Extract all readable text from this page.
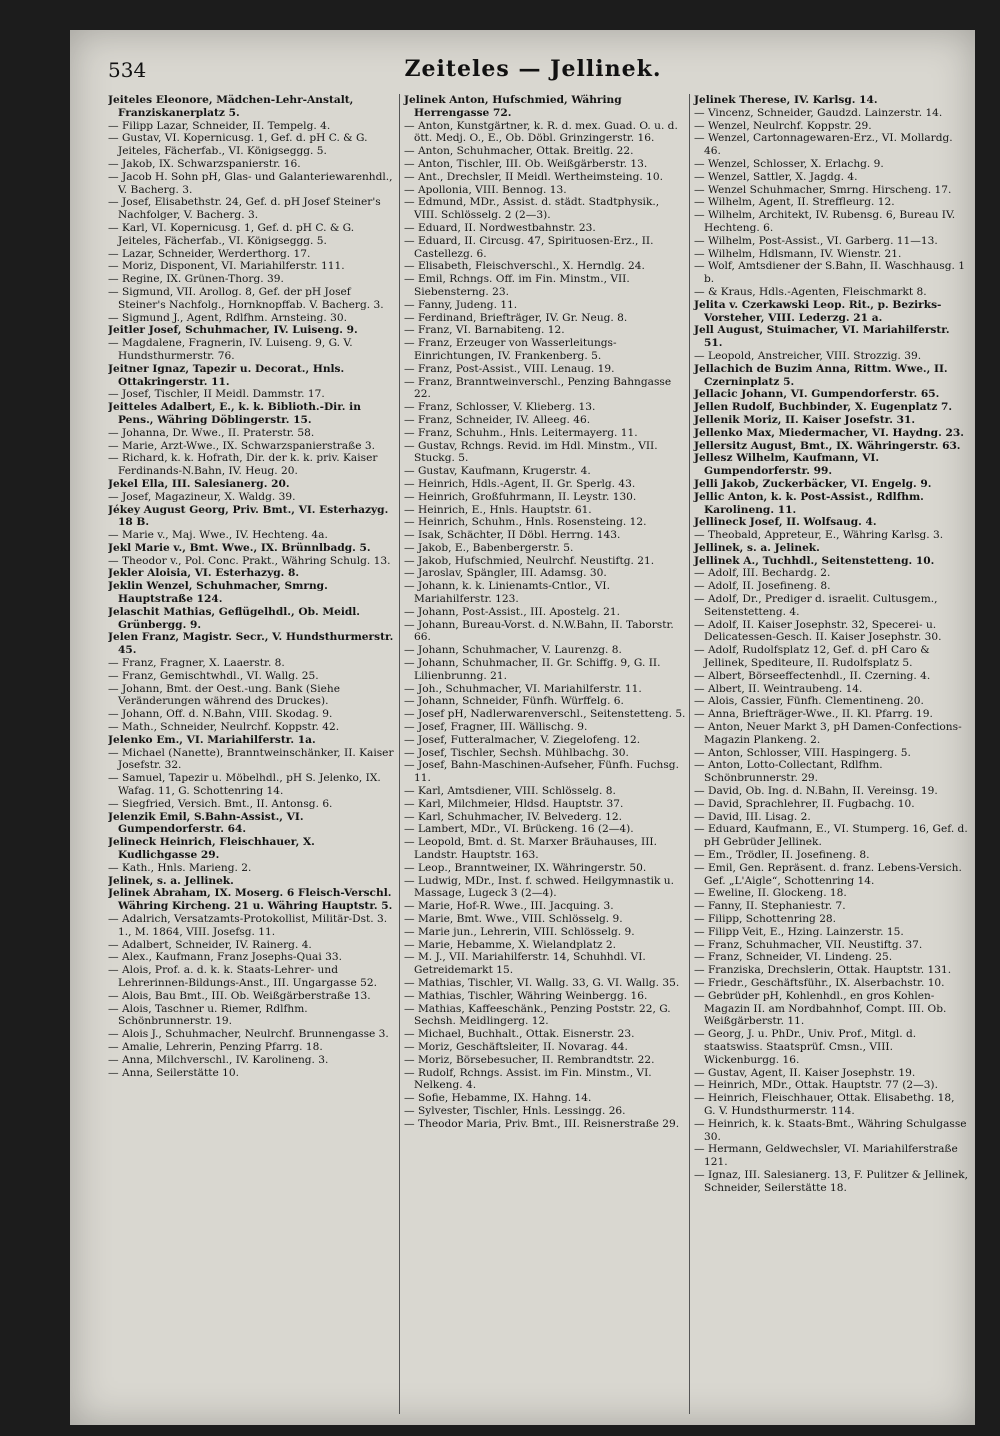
534	Zeiteles — Jellinek.

Jeiteles Eleonore, Mädchen-Lehr-Anstalt, Franziskanerplatz 5.

— Filipp Lazar, Schneider, II. Tempelg. 4.

— Gustav, VI. Kopernicusg. 1, Gef. d. pH C. & G. Jeiteles, Fächerfab., VI. Königseggg. 5.

— Jakob, IX. Schwarzspanierstr. 16.

— Jacob H. Sohn pH, Glas- und Galanteriewarenhdl., V. Bacherg. 3.

— Josef, Elisabethstr. 24, Gef. d. pH Josef Steiner's Nachfolger, V. Bacherg. 3.

— Karl, VI. Kopernicusg. 1, Gef. d. pH C. & G. Jeiteles, Fächerfab., VI. Königseggg. 5.

— Lazar, Schneider, Werderthorg. 17.

— Moriz, Disponent, VI. Mariahilferstr. 111.

— Regine, IX. Grünen-Thorg. 39.

— Sigmund, VII. Arollog. 8, Gef. der pH Josef Steiner's Nachfolg., Hornknopffab. V. Bacherg. 3.

— Sigmund J., Agent, Rdlfhm. Arnsteing. 30.

Jeitler Josef, Schuhmacher, IV. Luiseng. 9.

— Magdalene, Fragnerin, IV. Luiseng. 9, G. V. Hundsthurmerstr. 76.

Jeitner Ignaz, Tapezir u. Decorat., Hnls. Ottakringerstr. 11.

— Josef, Tischler, II Meidl. Dammstr. 17.

Jeitteles Adalbert, E., k. k. Biblioth.-Dir. in Pens., Währing Döblingerstr. 15.

— Johanna, Dr. Wwe., II. Praterstr. 58.

— Marie, Arzt-Wwe., IX. Schwarzspanierstraße 3.

— Richard, k. k. Hofrath, Dir. der k. k. priv. Kaiser Ferdinands-N.Bahn, IV. Heug. 20.

Jekel Ella, III. Salesianerg. 20.

— Josef, Magazineur, X. Waldg. 39.

Jékey August Georg, Priv. Bmt., VI. Esterhazyg. 18 B.

— Marie v., Maj. Wwe., IV. Hechteng. 4a.

Jekl Marie v., Bmt. Wwe., IX. Brünnlbadg. 5.

— Theodor v., Pol. Conc. Prakt., Währing Schulg. 13.

Jekler Aloisia, VI. Esterhazyg. 8.

Jeklin Wenzel, Schuhmacher, Smrng. Hauptstraße 124.

Jelaschit Mathias, Geflügelhdl., Ob. Meidl. Grünbergg. 9.

Jelen Franz, Magistr. Secr., V. Hundsthurmerstr. 45.

— Franz, Fragner, X. Laaerstr. 8.

— Franz, Gemischtwhdl., VI. Wallg. 25.

— Johann, Bmt. der Oest.-ung. Bank (Siehe Veränderungen während des Druckes).

— Johann, Off. d. N.Bahn, VIII. Skodag. 9.

— Math., Schneider, Neulrchf. Koppstr. 42.

Jelenko Em., VI. Mariahilferstr. 1a.

— Michael (Nanette), Branntweinschänker, II. Kaiser Josefstr. 32.

— Samuel, Tapezir u. Möbelhdl., pH S. Jelenko, IX. Wafag. 11, G. Schottenring 14.

— Siegfried, Versich. Bmt., II. Antonsg. 6.

Jelenzik Emil, S.Bahn-Assist., VI. Gumpendorferstr. 64.

Jelineck Heinrich, Fleischhauer, X. Kudlichgasse 29.

— Kath., Hnls. Marieng. 2.

Jelinek, s. a. Jellinek.

Jelinek Abraham, IX. Moserg. 6 Fleisch-Verschl. Währing Kircheng. 21 u. Währing Hauptstr. 5.

— Adalrich, Versatzamts-Protokollist, Militär-Dst. 3. 1., M. 1864, VIII. Josefsg. 11.

— Adalbert, Schneider, IV. Rainerg. 4.

— Alex., Kaufmann, Franz Josephs-Quai 33.

— Alois, Prof. a. d. k. k. Staats-Lehrer- und Lehrerinnen-Bildungs-Anst., III. Ungargasse 52.

— Alois, Bau Bmt., III. Ob. Weißgärberstraße 13.

— Alois, Taschner u. Riemer, Rdlfhm. Schönbrunnerstr. 19.

— Alois J., Schuhmacher, Neulrchf. Brunnengasse 3.

— Amalie, Lehrerin, Penzing Pfarrg. 18.

— Anna, Milchverschl., IV. Karolineng. 3.

— Anna, Seilerstätte 10.

Jelinek Anton, Hufschmied, Währing Herrengasse 72.

— Anton, Kunstgärtner, k. R. d. mex. Guad. O. u. d. ött. Medj. O., E., Ob. Döbl. Grinzingerstr. 16.

— Anton, Schuhmacher, Ottak. Breitlg. 22.

— Anton, Tischler, III. Ob. Weißgärberstr. 13.

— Ant., Drechsler, II Meidl. Wertheimsteing. 10.

— Apollonia, VIII. Bennog. 13.

— Edmund, MDr., Assist. d. städt. Stadtphysik., VIII. Schlösselg. 2 (2—3).

— Eduard, II. Nordwestbahnstr. 23.

— Eduard, II. Circusg. 47, Spirituosen-Erz., II. Castellezg. 6.

— Elisabeth, Fleischverschl., X. Herndlg. 24.

— Emil, Rchngs. Off. im Fin. Minstm., VII. Siebensterng. 23.

— Fanny, Judeng. 11.

— Ferdinand, Briefträger, IV. Gr. Neug. 8.

— Franz, VI. Barnabiteng. 12.

— Franz, Erzeuger von Wasserleitungs-Einrichtungen, IV. Frankenberg. 5.

— Franz, Post-Assist., VIII. Lenaug. 19.

— Franz, Branntweinverschl., Penzing Bahngasse 22.

— Franz, Schlosser, V. Klieberg. 13.

— Franz, Schneider, IV. Alleeg. 46.

— Franz, Schuhm., Hnls. Leitermayerg. 11.

— Gustav, Rchngs. Revid. im Hdl. Minstm., VII. Stuckg. 5.

— Gustav, Kaufmann, Krugerstr. 4.

— Heinrich, Hdls.-Agent, II. Gr. Sperlg. 43.

— Heinrich, Großfuhrmann, II. Leystr. 130.

— Heinrich, E., Hnls. Hauptstr. 61.

— Heinrich, Schuhm., Hnls. Rosensteing. 12.

— Isak, Schächter, II Döbl. Herrng. 143.

— Jakob, E., Babenbergerstr. 5.

— Jakob, Hufschmied, Neulrchf. Neustiftg. 21.

— Jaroslav, Spängler, III. Adamsg. 30.

— Johann, k. k. Linienamts-Cntlor., VI. Mariahilferstr. 123.

— Johann, Post-Assist., III. Apostelg. 21.

— Johann, Bureau-Vorst. d. N.W.Bahn, II. Taborstr. 66.

— Johann, Schuhmacher, V. Laurenzg. 8.

— Johann, Schuhmacher, II. Gr. Schiffg. 9, G. II. Lilienbrunng. 21.

— Joh., Schuhmacher, VI. Mariahilferstr. 11.

— Johann, Schneider, Fünfh. Würffelg. 6.

— Josef pH, Nadlerwarenverschl., Seitenstetteng. 5.

— Josef, Fragner, III. Wällischg. 9.

— Josef, Futteralmacher, V. Ziegelofeng. 12.

— Josef, Tischler, Sechsh. Mühlbachg. 30.

— Josef, Bahn-Maschinen-Aufseher, Fünfh. Fuchsg. 11.

— Karl, Amtsdiener, VIII. Schlösselg. 8.

— Karl, Milchmeier, Hldsd. Hauptstr. 37.

— Karl, Schuhmacher, IV. Belvederg. 12.

— Lambert, MDr., VI. Brückeng. 16 (2—4).

— Leopold, Bmt. d. St. Marxer Bräuhauses, III. Landstr. Hauptstr. 163.

— Leop., Branntweiner, IX. Währingerstr. 50.

— Ludwig, MDr., Inst. f. schwed. Heilgymnastik u. Massage, Lugeck 3 (2—4).

— Marie, Hof-R. Wwe., III. Jacquing. 3.

— Marie, Bmt. Wwe., VIII. Schlösselg. 9.

— Marie jun., Lehrerin, VIII. Schlösselg. 9.

— Marie, Hebamme, X. Wielandplatz 2.

— M. J., VII. Mariahilferstr. 14, Schuhhdl. VI. Getreidemarkt 15.

— Mathias, Tischler, VI. Wallg. 33, G. VI. Wallg. 35.

— Mathias, Tischler, Währing Weinbergg. 16.

— Mathias, Kaffeeschänk., Penzing Poststr. 22, G. Sechsh. Meidlingerg. 12.

— Michael, Buchhalt., Ottak. Eisnerstr. 23.

— Moriz, Geschäftsleiter, II. Novarag. 44.

— Moriz, Börsebesucher, II. Rembrandtstr. 22.

— Rudolf, Rchngs. Assist. im Fin. Minstm., VI. Nelkeng. 4.

— Sofie, Hebamme, IX. Hahng. 14.

— Sylvester, Tischler, Hnls. Lessingg. 26.

— Theodor Maria, Priv. Bmt., III. Reisnerstraße 29.

Jelinek Therese, IV. Karlsg. 14.

— Vincenz, Schneider, Gaudzd. Lainzerstr. 14.

— Wenzel, Neulrchf. Koppstr. 29.

— Wenzel, Cartonnagewaren-Erz., VI. Mollardg. 46.

— Wenzel, Schlosser, X. Erlachg. 9.

— Wenzel, Sattler, X. Jagdg. 4.

— Wenzel Schuhmacher, Smrng. Hirscheng. 17.

— Wilhelm, Agent, II. Streffleurg. 12.

— Wilhelm, Architekt, IV. Rubensg. 6, Bureau IV. Hechteng. 6.

— Wilhelm, Post-Assist., VI. Garberg. 11—13.

— Wilhelm, Hdlsmann, IV. Wienstr. 21.

— Wolf, Amtsdiener der S.Bahn, II. Waschhausg. 1 b.

— & Kraus, Hdls.-Agenten, Fleischmarkt 8.

Jelita v. Czerkawski Leop. Rit., p. Bezirks-Vorsteher, VIII. Lederzg. 21 a.

Jell August, Stuimacher, VI. Mariahilferstr. 51.

— Leopold, Anstreicher, VIII. Strozzig. 39.

Jellachich de Buzim Anna, Rittm. Wwe., II. Czerninplatz 5.

Jellacic Johann, VI. Gumpendorferstr. 65.

Jellen Rudolf, Buchbinder, X. Eugenplatz 7.

Jellenik Moriz, II. Kaiser Josefstr. 31.

Jellenko Max, Miedermacher, VI. Haydng. 23.

Jellersitz August, Bmt., IX. Währingerstr. 63.

Jellesz Wilhelm, Kaufmann, VI. Gumpendorferstr. 99.

Jelli Jakob, Zuckerbäcker, VI. Engelg. 9.

Jellic Anton, k. k. Post-Assist., Rdlfhm. Karolineng. 11.

Jellineck Josef, II. Wolfsaug. 4.

— Theobald, Appreteur, E., Währing Karlsg. 3.

Jellinek, s. a. Jelinek.

Jellinek A., Tuchhdl., Seitenstetteng. 10.

— Adolf, III. Bechardg. 2.

— Adolf, II. Josefineng. 8.

— Adolf, Dr., Prediger d. israelit. Cultusgem., Seitenstetteng. 4.

— Adolf, II. Kaiser Josephstr. 32, Specerei- u. Delicatessen-Gesch. II. Kaiser Josephstr. 30.

— Adolf, Rudolfsplatz 12, Gef. d. pH Caro & Jellinek, Spediteure, II. Rudolfsplatz 5.

— Albert, Börseeffectenhdl., II. Czerning. 4.

— Albert, II. Weintraubeng. 14.

— Alois, Cassier, Fünfh. Clementineng. 20.

— Anna, Briefträger-Wwe., II. Kl. Pfarrg. 19.

— Anton, Neuer Markt 3, pH Damen-Confections-Magazin Plankeng. 2.

— Anton, Schlosser, VIII. Haspingerg. 5.

— Anton, Lotto-Collectant, Rdlfhm. Schönbrunnerstr. 29.

— David, Ob. Ing. d. N.Bahn, II. Vereinsg. 19.

— David, Sprachlehrer, II. Fugbachg. 10.

— David, III. Lisag. 2.

— Eduard, Kaufmann, E., VI. Stumperg. 16, Gef. d. pH Gebrüder Jellinek.

— Em., Trödler, II. Josefineng. 8.

— Emil, Gen. Repräsent. d. franz. Lebens-Versich. Gef. „L'Aigle“, Schottenring 14.

— Eweline, II. Glockeng. 18.

— Fanny, II. Stephaniestr. 7.

— Filipp, Schottenring 28.

— Filipp Veit, E., Hzing. Lainzerstr. 15.

— Franz, Schuhmacher, VII. Neustiftg. 37.

— Franz, Schneider, VI. Lindeng. 25.

— Franziska, Drechslerin, Ottak. Hauptstr. 131.

— Friedr., Geschäftsführ., IX. Alserbachstr. 10.

— Gebrüder pH, Kohlenhdl., en gros Kohlen-Magazin II. am Nordbahnhof, Compt. III. Ob. Weißgärberstr. 11.

— Georg, J. u. PhDr., Univ. Prof., Mitgl. d. staatswiss. Staatsprüf. Cmsn., VIII. Wickenburgg. 16.

— Gustav, Agent, II. Kaiser Josephstr. 19.

— Heinrich, MDr., Ottak. Hauptstr. 77 (2—3).

— Heinrich, Fleischhauer, Ottak. Elisabethg. 18, G. V. Hundsthurmerstr. 114.

— Heinrich, k. k. Staats-Bmt., Währing Schulgasse 30.

— Hermann, Geldwechsler, VI. Mariahilferstraße 121.

— Ignaz, III. Salesianerg. 13, F. Pulitzer & Jellinek, Schneider, Seilerstätte 18.
